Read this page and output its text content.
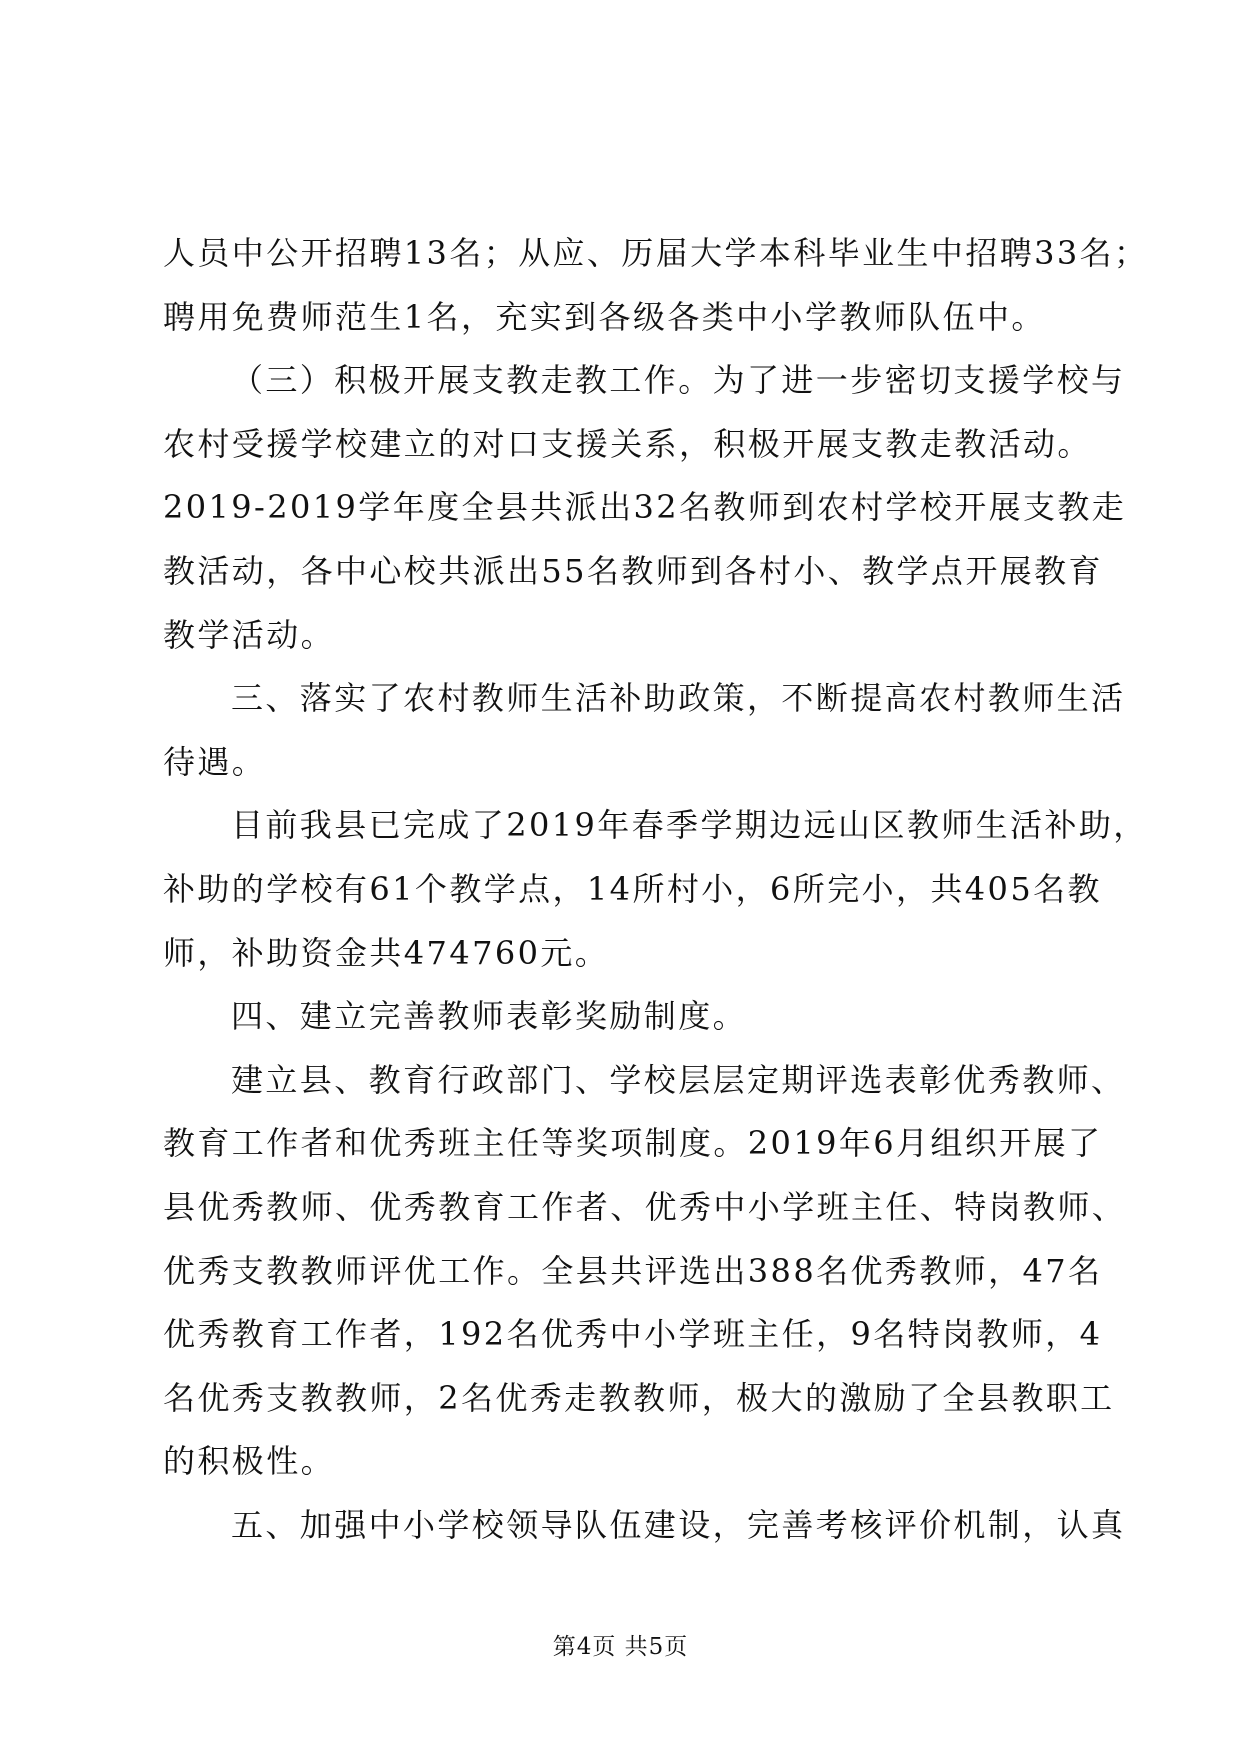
人员中公开招聘13名；从应、历届大学本科毕业生中招聘33名；
聘用免费师范生1名，充实到各级各类中小学教师队伍中。
（三）积极开展支教走教工作。为了进一步密切支援学校与
农村受援学校建立的对口支援关系，积极开展支教走教活动。
2019-2019学年度全县共派出32名教师到农村学校开展支教走
教活动，各中心校共派出55名教师到各村小、教学点开展教育
教学活动。
三、落实了农村教师生活补助政策，不断提高农村教师生活
待遇。
目前我县已完成了2019年春季学期边远山区教师生活补助，
补助的学校有61个教学点，14所村小，6所完小，共405名教
师，补助资金共474760元。
四、建立完善教师表彰奖励制度。
建立县、教育行政部门、学校层层定期评选表彰优秀教师、
教育工作者和优秀班主任等奖项制度。2019年6月组织开展了
县优秀教师、优秀教育工作者、优秀中小学班主任、特岗教师、
优秀支教教师评优工作。全县共评选出388名优秀教师，47名
优秀教育工作者，192名优秀中小学班主任，9名特岗教师，4
名优秀支教教师，2名优秀走教教师，极大的激励了全县教职工
的积极性。
五、加强中小学校领导队伍建设，完善考核评价机制，认真
第4页 共5页
